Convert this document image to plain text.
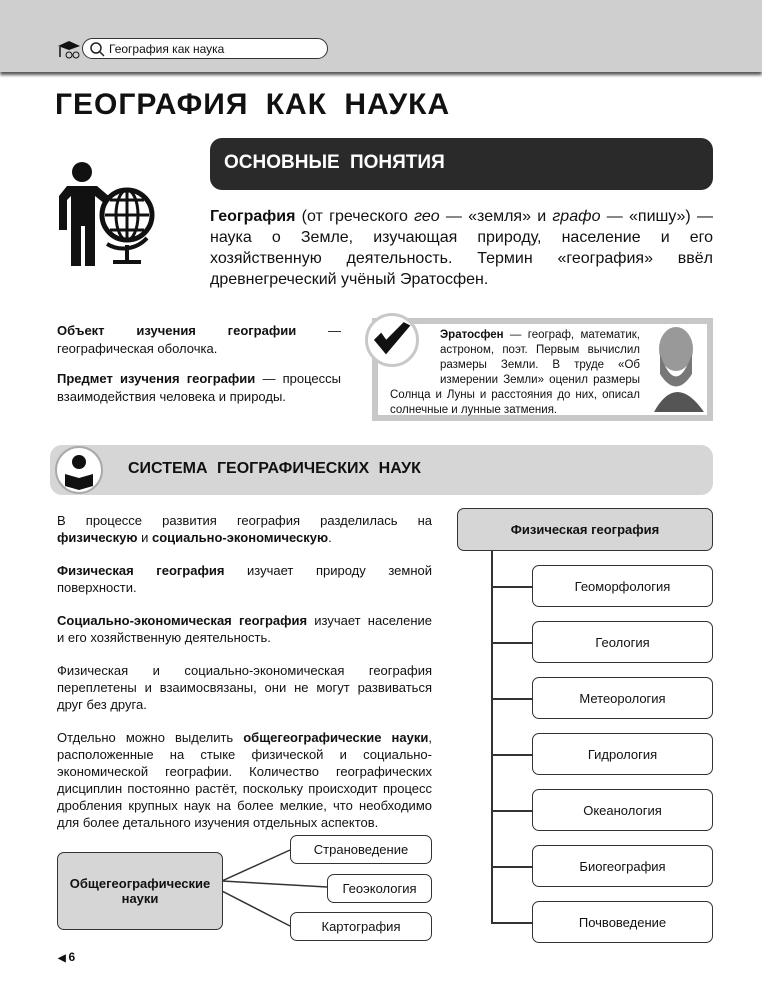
География как наука
ГЕОГРАФИЯ КАК НАУКА
ОСНОВНЫЕ ПОНЯТИЯ
География (от греческого гео — «земля» и графо — «пишу») — наука о Земле, изучающая природу, население и его хозяйственную деятельность. Термин «география» ввёл древнегреческий учёный Эратосфен.

Объект изучения географии — географическая оболочка.

Предмет изучения географии — процессы взаимодействия человека и природы.

Эратосфен — географ, математик, астроном, поэт. Первым вычислил размеры Земли. В труде «Об измерении Земли» оценил размеры Солнца и Луны и расстояния до них, описал солнечные и лунные затмения.
СИСТЕМА ГЕОГРАФИЧЕСКИХ НАУК

В процессе развития география разделилась на физическую и социально-экономическую.

Физическая география изучает природу земной поверхности.

Социально-экономическая география изучает население и его хозяйственную деятельность.

Физическая и социально-экономическая география переплетены и взаимосвязаны, они не могут развиваться друг без друга.

Отдельно можно выделить общегеографические науки, расположенные на стыке физической и социально-экономической географии. Количество географических дисциплин постоянно растёт, поскольку происходит процесс дробления крупных наук на более мелкие, что необходимо для более детального изучения отдельных аспектов.

Физическая география
Геоморфология
Геология
Метеорология
Гидрология
Океанология
Биогеография
Почвоведение
Общегеографические науки
Страноведение
Геоэкология
Картография
◀ 6
